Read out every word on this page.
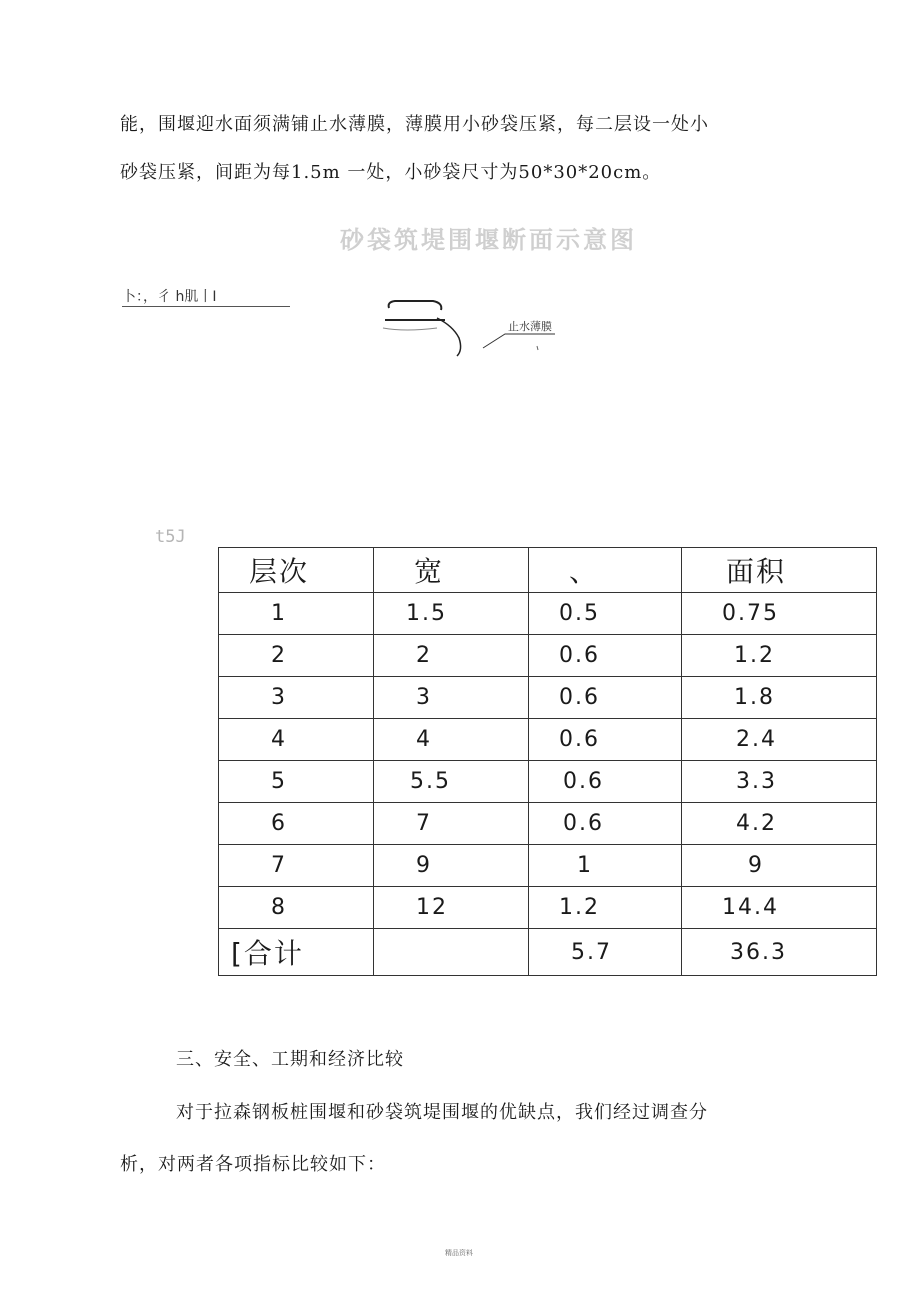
能，围堰迎水面须满铺止水薄膜，薄膜用小砂袋压紧，每二层设一处小
砂袋压紧，间距为每1.5m 一处，小砂袋尺寸为50*30*20cm。
砂袋筑堤围堰断面示意图
卜：，彳 h肌丨Ⅰ
止水薄膜
t5J
层次	宽	、	面积
1	1.5	0.5	0.75
2	2	0.6	1.2
3	3	0.6	1.8
4	4	0.6	2.4
5	5.5	0.6	3.3
6	7	0.6	4.2
7	9	1	9
8	12	1.2	14.4
[合计		5.7	36.3
三、安全、工期和经济比较
对于拉森钢板桩围堰和砂袋筑堤围堰的优缺点，我们经过调查分
析，对两者各项指标比较如下：
精品资料
